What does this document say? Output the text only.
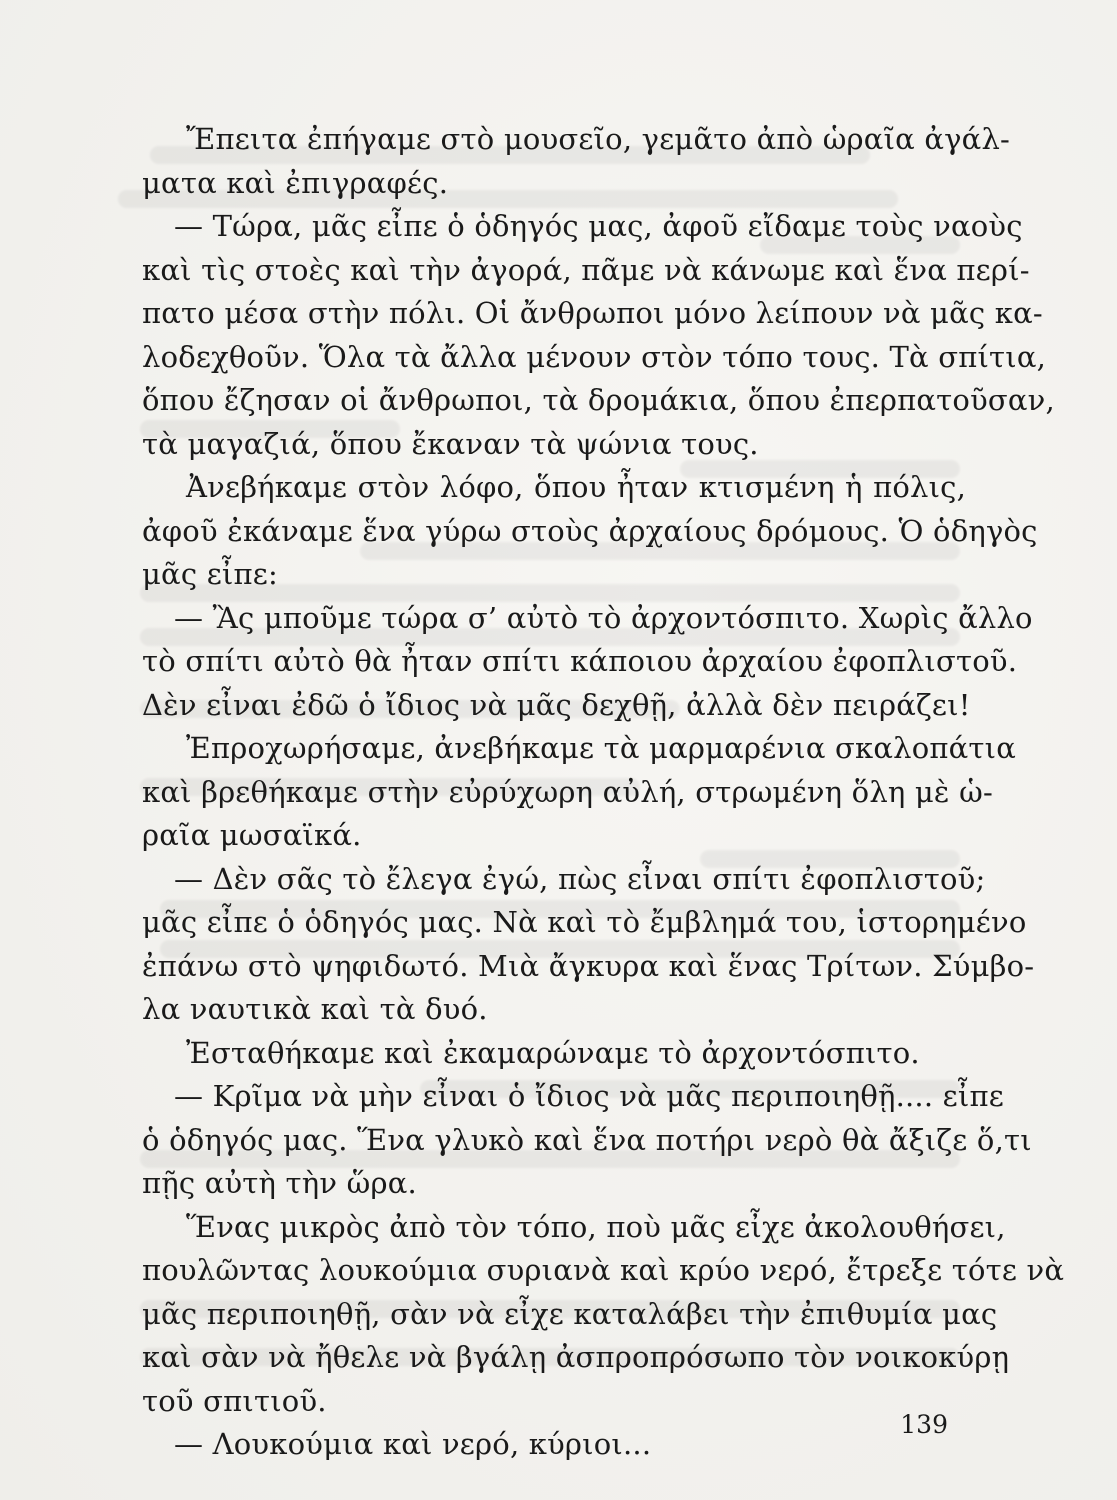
Ἔπειτα ἐπήγαμε στὸ μουσεῖο, γεμᾶτο ἀπὸ ὡραῖα ἀγάλ-
ματα καὶ ἐπιγραφές.
— Τώρα, μᾶς εἶπε ὁ ὁδηγός μας, ἀφοῦ εἴδαμε τοὺς ναοὺς
καὶ τὶς στοὲς καὶ τὴν ἀγορά, πᾶμε νὰ κάνωμε καὶ ἕνα περί-
πατο μέσα στὴν πόλι. Οἱ ἄνθρωποι μόνο λείπουν νὰ μᾶς κα-
λοδεχθοῦν. Ὅλα τὰ ἄλλα μένουν στὸν τόπο τους. Τὰ σπίτια,
ὅπου ἔζησαν οἱ ἄνθρωποι, τὰ δρομάκια, ὅπου ἐπερπατοῦσαν,
τὰ μαγαζιά, ὅπου ἔκαναν τὰ ψώνια τους.
Ἀνεβήκαμε στὸν λόφο, ὅπου ἦταν κτισμένη ἡ πόλις,
ἀφοῦ ἐκάναμε ἕνα γύρω στοὺς ἀρχαίους δρόμους. Ὁ ὁδηγὸς
μᾶς εἶπε:
— Ἂς μποῦμε τώρα σ’ αὐτὸ τὸ ἀρχοντόσπιτο. Χωρὶς ἄλλο
τὸ σπίτι αὐτὸ θὰ ἦταν σπίτι κάποιου ἀρχαίου ἐφοπλιστοῦ.
Δὲν εἶναι ἐδῶ ὁ ἴδιος νὰ μᾶς δεχθῇ, ἀλλὰ δὲν πειράζει!
Ἐπροχωρήσαμε, ἀνεβήκαμε τὰ μαρμαρένια σκαλοπάτια
καὶ βρεθήκαμε στὴν εὐρύχωρη αὐλή, στρωμένη ὅλη μὲ ὡ-
ραῖα μωσαϊκά.
— Δὲν σᾶς τὸ ἔλεγα ἐγώ, πὼς εἶναι σπίτι ἐφοπλιστοῦ;
μᾶς εἶπε ὁ ὁδηγός μας. Νὰ καὶ τὸ ἔμβλημά του, ἱστορημένο
ἐπάνω στὸ ψηφιδωτό. Μιὰ ἄγκυρα καὶ ἕνας Τρίτων. Σύμβο-
λα ναυτικὰ καὶ τὰ δυό.
Ἐσταθήκαμε καὶ ἐκαμαρώναμε τὸ ἀρχοντόσπιτο.
— Κρῖμα νὰ μὴν εἶναι ὁ ἴδιος νὰ μᾶς περιποιηθῇ.... εἶπε
ὁ ὁδηγός μας. Ἕνα γλυκὸ καὶ ἕνα ποτήρι νερὸ θὰ ἄξιζε ὅ,τι
πῇς αὐτὴ τὴν ὥρα.
Ἕνας μικρὸς ἀπὸ τὸν τόπο, ποὺ μᾶς εἶχε ἀκολουθήσει,
πουλῶντας λουκούμια συριανὰ καὶ κρύο νερό, ἔτρεξε τότε νὰ
μᾶς περιποιηθῇ, σὰν νὰ εἶχε καταλάβει τὴν ἐπιθυμία μας
καὶ σὰν νὰ ἤθελε νὰ βγάλῃ ἀσπροπρόσωπο τὸν νοικοκύρῃ
τοῦ σπιτιοῦ.
— Λουκούμια καὶ νερό, κύριοι...
139
